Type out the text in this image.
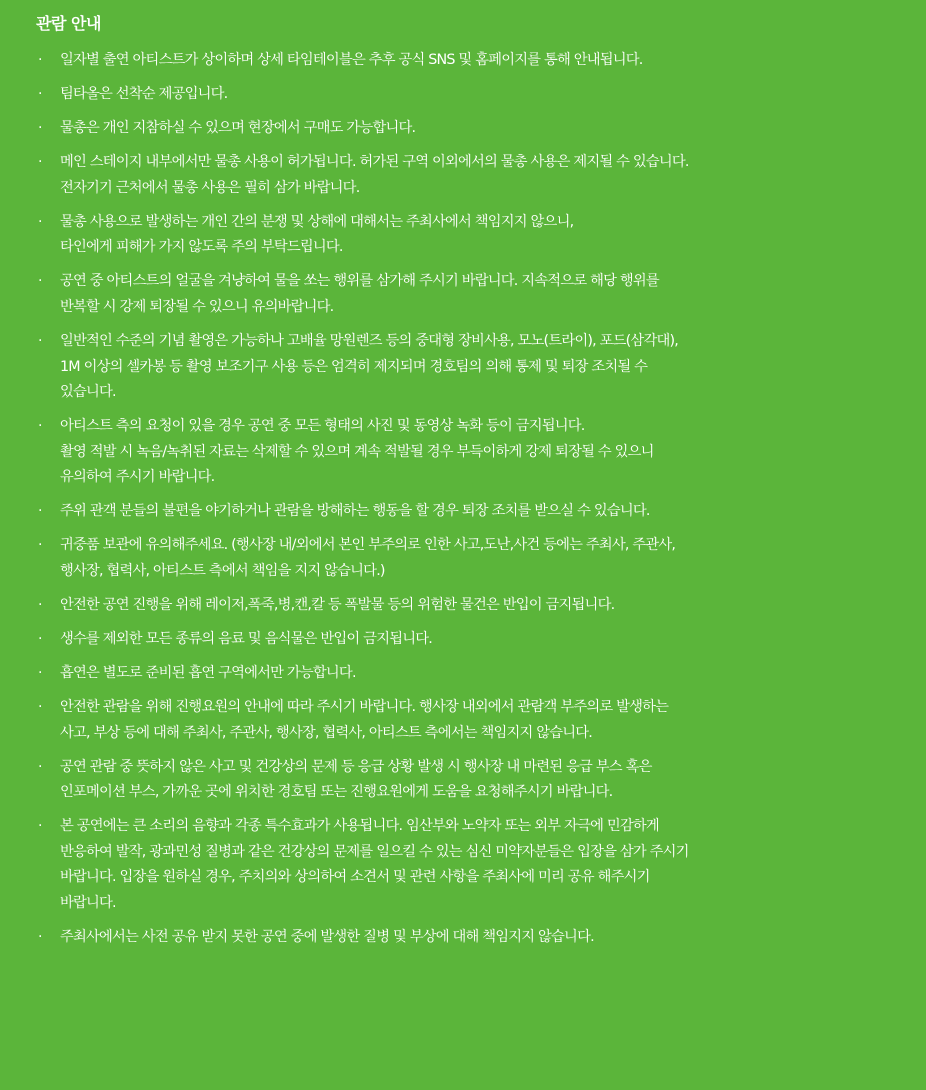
관람 안내
·	일자별 출연 아티스트가 상이하며 상세 타임테이블은 추후 공식 SNS 및 홈페이지를 통해 안내됩니다.
·	팀타올은 선착순 제공입니다.
·	물총은 개인 지참하실 수 있으며 현장에서 구매도 가능합니다.
·	메인 스테이지 내부에서만 물총 사용이 허가됩니다. 허가된 구역 이외에서의 물총 사용은 제지될 수 있습니다.
전자기기 근처에서 물총 사용은 필히 삼가 바랍니다.
·	물총 사용으로 발생하는 개인 간의 분쟁 및 상해에 대해서는 주최사에서 책임지지 않으니,
타인에게 피해가 가지 않도록 주의 부탁드립니다.
·	공연 중 아티스트의 얼굴을 겨냥하여 물을 쏘는 행위를 삼가해 주시기 바랍니다. 지속적으로 해당 행위를
반복할 시 강제 퇴장될 수 있으니 유의바랍니다.
·	일반적인 수준의 기념 촬영은 가능하나 고배율 망원렌즈 등의 중대형 장비사용, 모노(트라이), 포드(삼각대),
1M 이상의 셀카봉 등 촬영 보조기구 사용 등은 엄격히 제지되며 경호팀의 의해 통제 및 퇴장 조치될 수
있습니다.
·	아티스트 측의 요청이 있을 경우 공연 중 모든 형태의 사진 및 동영상 녹화 등이 금지됩니다.
촬영 적발 시 녹음/녹취된 자료는 삭제할 수 있으며 계속 적발될 경우 부득이하게 강제 퇴장될 수 있으니
유의하여 주시기 바랍니다.
·	주위 관객 분들의 불편을 야기하거나 관람을 방해하는 행동을 할 경우 퇴장 조치를 받으실 수 있습니다.
·	귀중품 보관에 유의해주세요. (행사장 내/외에서 본인 부주의로 인한 사고,도난,사건 등에는 주최사, 주관사,
행사장, 협력사, 아티스트 측에서 책임을 지지 않습니다.)
·	안전한 공연 진행을 위해 레이저,폭죽,병,캔,칼 등 폭발물 등의 위험한 물건은 반입이 금지됩니다.
·	생수를 제외한 모든 종류의 음료 및 음식물은 반입이 금지됩니다.
·	흡연은 별도로 준비된 흡연 구역에서만 가능합니다.
·	안전한 관람을 위해 진행요원의 안내에 따라 주시기 바랍니다. 행사장 내외에서 관람객 부주의로 발생하는
사고, 부상 등에 대해 주최사, 주관사, 행사장, 협력사, 아티스트 측에서는 책임지지 않습니다.
·	공연 관람 중 뜻하지 않은 사고 및 건강상의 문제 등 응급 상황 발생 시 행사장 내 마련된 응급 부스 혹은
인포메이션 부스, 가까운 곳에 위치한 경호팀 또는 진행요원에게 도움을 요청해주시기 바랍니다.
·	본 공연에는 큰 소리의 음향과 각종 특수효과가 사용됩니다. 임산부와 노약자 또는 외부 자극에 민감하게
반응하여 발작, 광과민성 질병과 같은 건강상의 문제를 일으킬 수 있는 심신 미약자분들은 입장을 삼가 주시기
바랍니다. 입장을 원하실 경우, 주치의와 상의하여 소견서 및 관련 사항을 주최사에 미리 공유 해주시기
바랍니다.
·	주최사에서는 사전 공유 받지 못한 공연 중에 발생한 질병 및 부상에 대해 책임지지 않습니다.
